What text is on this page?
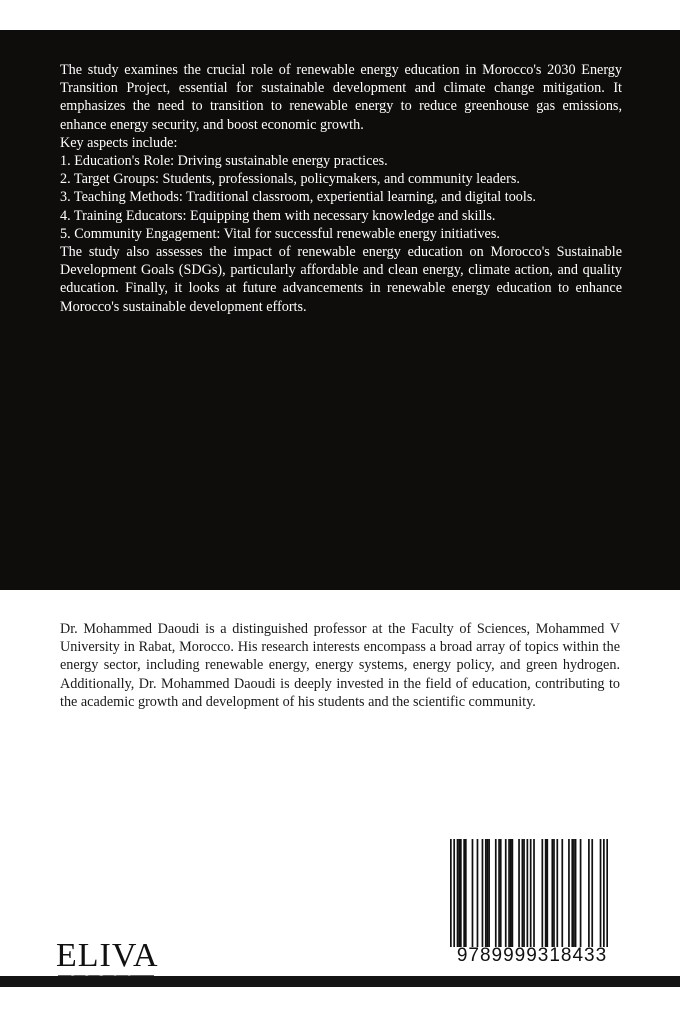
The study examines the crucial role of renewable energy education in Morocco's 2030 Energy Transition Project, essential for sustainable development and climate change mitigation. It emphasizes the need to transition to renewable energy to reduce greenhouse gas emissions, enhance energy security, and boost economic growth.

Key aspects include:

1. Education's Role: Driving sustainable energy practices.

2. Target Groups: Students, professionals, policymakers, and community leaders.

3. Teaching Methods: Traditional classroom, experiential learning, and digital tools.

4. Training Educators: Equipping them with necessary knowledge and skills.

5. Community Engagement: Vital for successful renewable energy initiatives.

The study also assesses the impact of renewable energy education on Morocco's Sustainable Development Goals (SDGs), particularly affordable and clean energy, climate action, and quality education. Finally, it looks at future advancements in renewable energy education to enhance Morocco's sustainable development efforts.

Dr. Mohammed Daoudi is a distinguished professor at the Faculty of Sciences, Mohammed V University in Rabat, Morocco. His research interests encompass a broad array of topics within the energy sector, including renewable energy, energy systems, energy policy, and green hydrogen. Additionally, Dr. Mohammed Daoudi is deeply invested in the field of education, contributing to the academic growth and development of his students and the scientific community.

ELIVA	9789999318433
